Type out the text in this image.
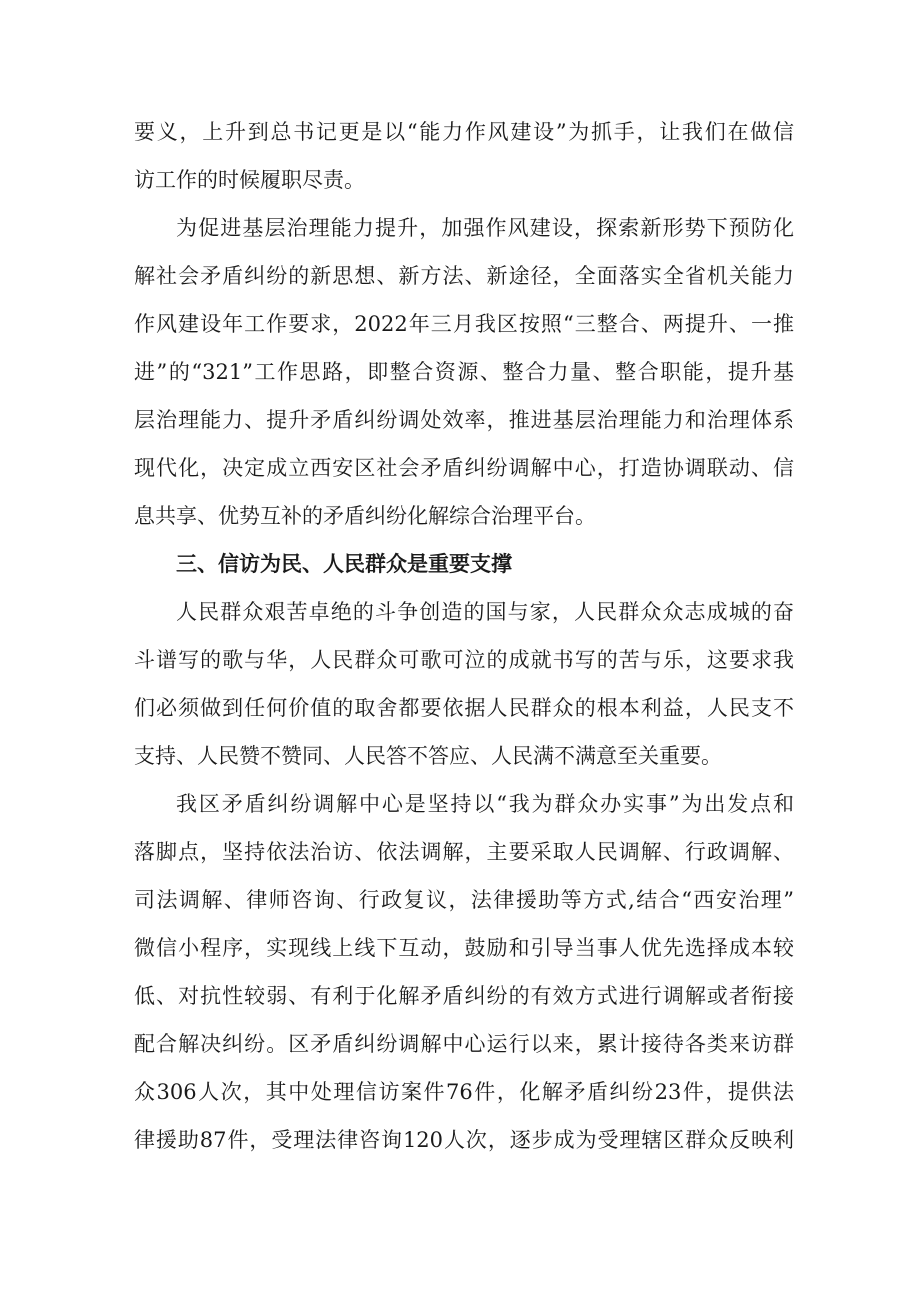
要义，上升到总书记更是以“能力作风建设”为抓手，让我们在做信
访工作的时候履职尽责。
为促进基层治理能力提升，加强作风建设，探索新形势下预防化
解社会矛盾纠纷的新思想、新方法、新途径，全面落实全省机关能力
作风建设年工作要求，2022年三月我区按照“三整合、两提升、一推
进”的“321”工作思路，即整合资源、整合力量、整合职能，提升基
层治理能力、提升矛盾纠纷调处效率，推进基层治理能力和治理体系
现代化，决定成立西安区社会矛盾纠纷调解中心，打造协调联动、信
息共享、优势互补的矛盾纠纷化解综合治理平台。
三、信访为民、人民群众是重要支撑
人民群众艰苦卓绝的斗争创造的国与家，人民群众众志成城的奋
斗谱写的歌与华，人民群众可歌可泣的成就书写的苦与乐，这要求我
们必须做到任何价值的取舍都要依据人民群众的根本利益，人民支不
支持、人民赞不赞同、人民答不答应、人民满不满意至关重要。
我区矛盾纠纷调解中心是坚持以“我为群众办实事”为出发点和
落脚点，坚持依法治访、依法调解，主要采取人民调解、行政调解、
司法调解、律师咨询、行政复议，法律援助等方式,结合“西安治理”
微信小程序，实现线上线下互动，鼓励和引导当事人优先选择成本较
低、对抗性较弱、有利于化解矛盾纠纷的有效方式进行调解或者衔接
配合解决纠纷。区矛盾纠纷调解中心运行以来，累计接待各类来访群
众306人次，其中处理信访案件76件，化解矛盾纠纷23件，提供法
律援助87件，受理法律咨询120人次，逐步成为受理辖区群众反映利
